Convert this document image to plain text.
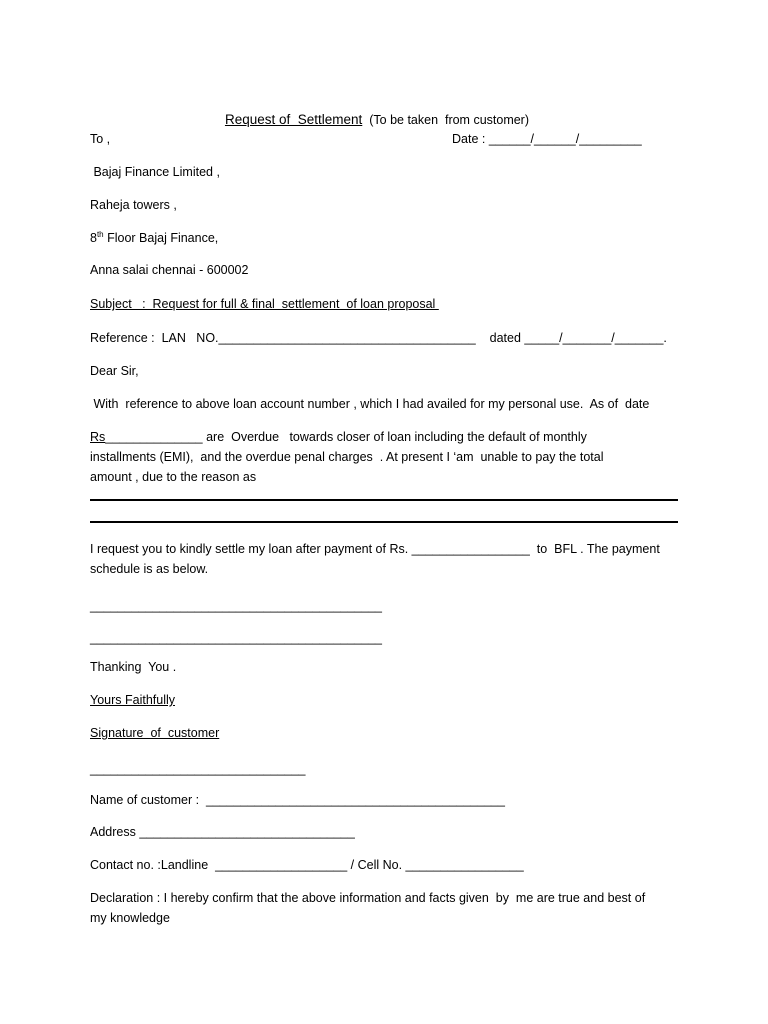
Request of  Settlement  (To be taken  from customer)

To ,	Date : ______/______/_________
Bajaj Finance Limited ,
Raheja towers ,
8th Floor Bajaj Finance,
Anna salai chennai - 600002
Subject   :  Request for full & final  settlement  of loan proposal
Reference :  LAN   NO._____________________________________    dated _____/_______/_______.
Dear Sir,
With  reference to above loan account number , which I had availed for my personal use.  As of  date
Rs______________ are  Overdue   towards closer of loan including the default of monthly
installments (EMI),  and the overdue penal charges  . At present I ‘am  unable to pay the total
amount , due to the reason as
I request you to kindly settle my loan after payment of Rs. _________________  to  BFL . The payment
schedule is as below.
__________________________________________
__________________________________________
Thanking  You .
Yours Faithfully
Signature  of  customer
_______________________________
Name of customer :  ___________________________________________
Address _______________________________
Contact no. :Landline  ___________________ / Cell No. _________________
Declaration : I hereby confirm that the above information and facts given  by  me are true and best of
my knowledge
